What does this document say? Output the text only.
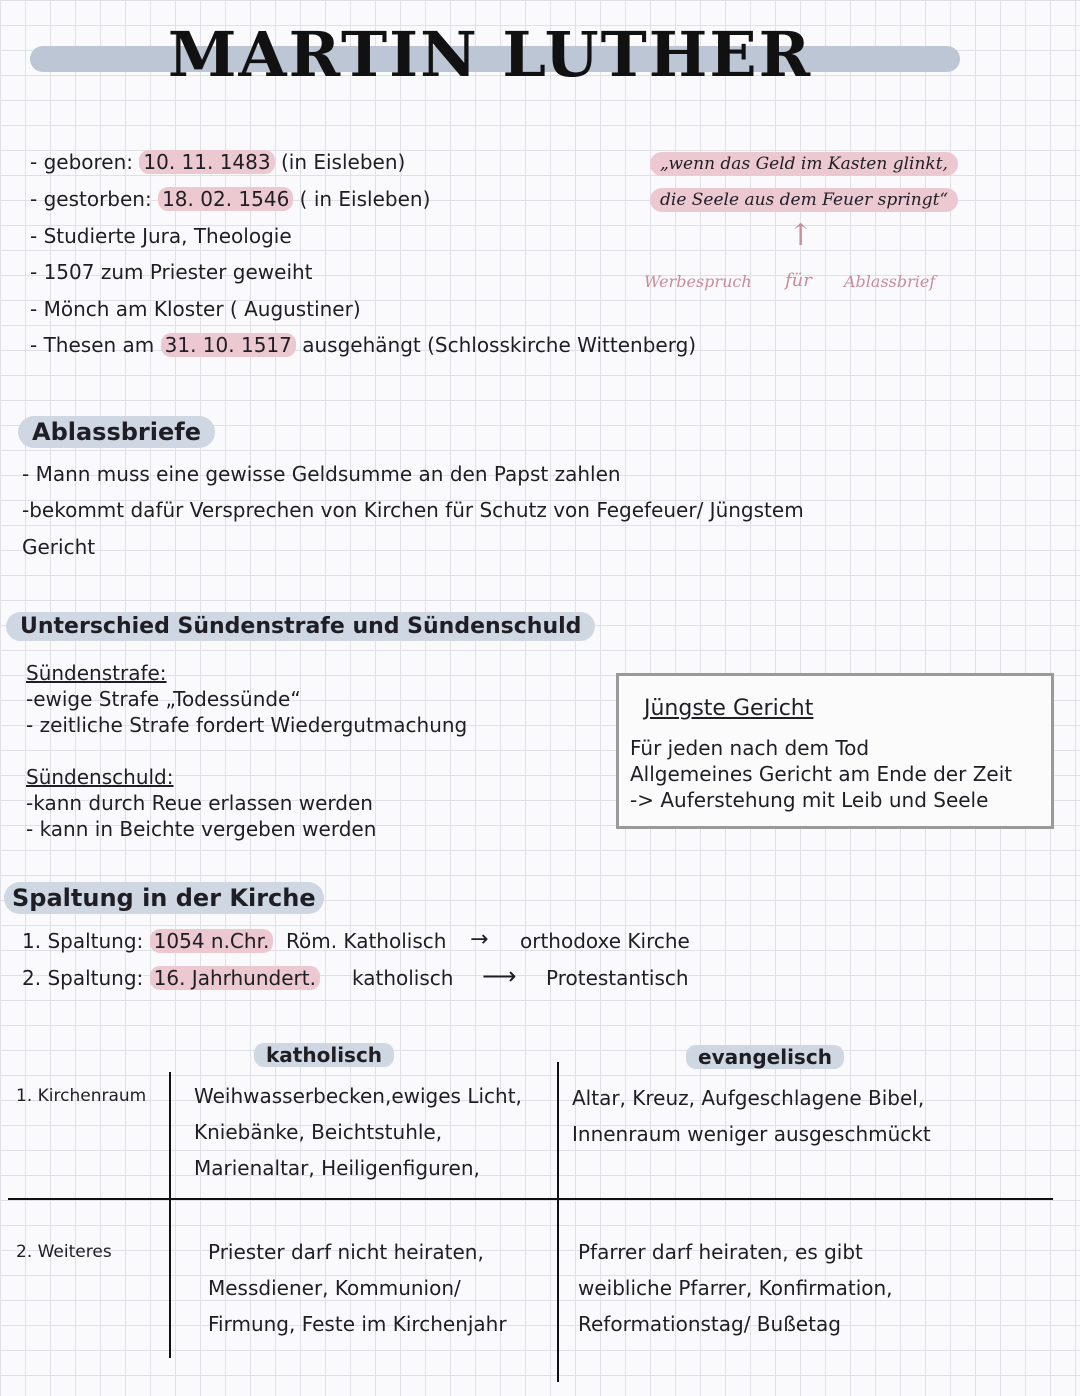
MARTIN LUTHER
- geboren: 10. 11. 1483 (in Eisleben)
- gestorben: 18. 02. 1546 ( in Eisleben)
- Studierte Jura, Theologie
- 1507 zum Priester geweiht
- Mönch am Kloster ( Augustiner)
- Thesen am 31. 10. 1517 ausgehängt (Schlosskirche Wittenberg)
„wenn das Geld im Kasten glinkt,
die Seele aus dem Feuer springt“
↑
Werbespruch für Ablassbrief
Ablassbriefe
- Mann muss eine gewisse Geldsumme an den Papst zahlen
-bekommt dafür Versprechen von Kirchen für Schutz von Fegefeuer/ Jüngstem
Gericht
Unterschied Sündenstrafe und Sündenschuld
Sündenstrafe:
-ewige Strafe „Todessünde“
- zeitliche Strafe fordert Wiedergutmachung
Sündenschuld:
-kann durch Reue erlassen werden
- kann in Beichte vergeben werden
Jüngste Gericht
Für jeden nach dem Tod
Allgemeines Gericht am Ende der Zeit
-> Auferstehung mit Leib und Seele
Spaltung in der Kirche
1. Spaltung: 1054 n.Chr. Röm. Katholisch → orthodoxe Kirche
2. Spaltung: 16. Jahrhundert. katholisch ⟶ Protestantisch
katholisch	evangelisch
1. Kirchenraum Weihwasserbecken,ewiges Licht,
Kniebänke, Beichtstuhle,
Marienaltar, Heiligenfiguren,
Altar, Kreuz, Aufgeschlagene Bibel,
Innenraum weniger ausgeschmückt
2. Weiteres	Priester darf nicht heiraten,
Messdiener, Kommunion/
Firmung, Feste im Kirchenjahr
Pfarrer darf heiraten, es gibt
weibliche Pfarrer, Konfirmation,
Reformationstag/ Bußetag
